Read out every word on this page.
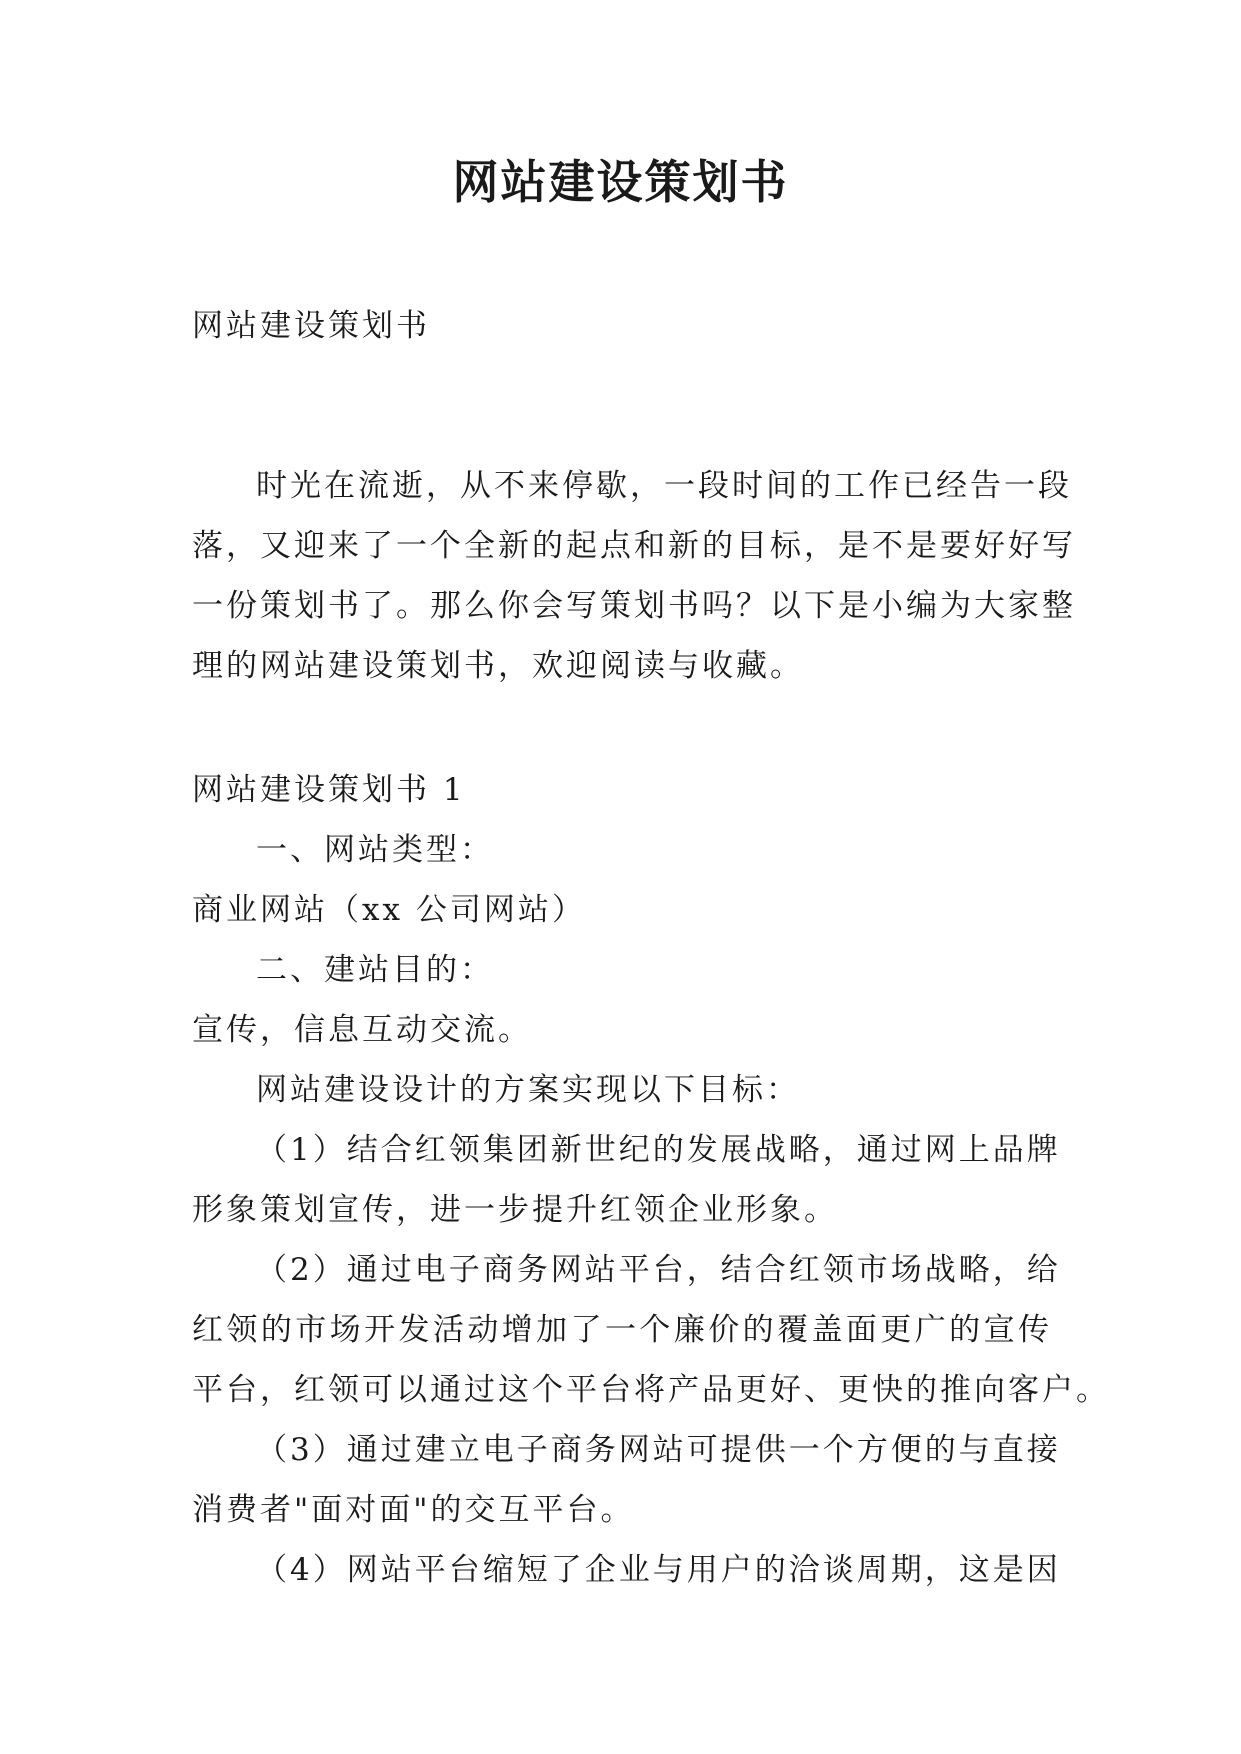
网站建设策划书
网站建设策划书
时光在流逝，从不来停歇，一段时间的工作已经告一段
落，又迎来了一个全新的起点和新的目标，是不是要好好写
一份策划书了。那么你会写策划书吗？以下是小编为大家整
理的网站建设策划书，欢迎阅读与收藏。
网站建设策划书 1
一、网站类型：
商业网站（xx 公司网站）
二、建站目的：
宣传，信息互动交流。
网站建设设计的方案实现以下目标：
（1）结合红领集团新世纪的发展战略，通过网上品牌
形象策划宣传，进一步提升红领企业形象。
（2）通过电子商务网站平台，结合红领市场战略，给
红领的市场开发活动增加了一个廉价的覆盖面更广的宣传
平台，红领可以通过这个平台将产品更好、更快的推向客户。
（3）通过建立电子商务网站可提供一个方便的与直接
消费者"面对面"的交互平台。
（4）网站平台缩短了企业与用户的洽谈周期，这是因
